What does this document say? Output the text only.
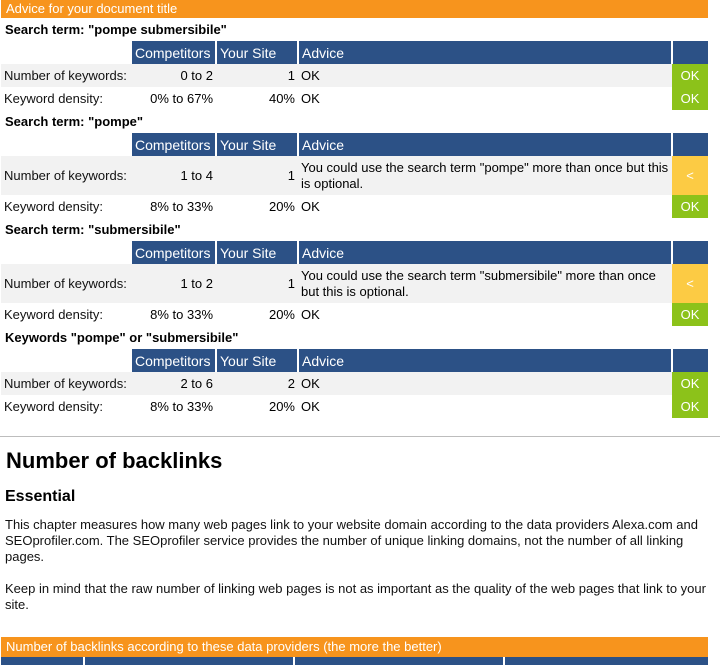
Advice for your document title
Search term: "pompe submersibile"
	Competitors	Your Site	Advice	
Number of keywords:	0 to 2	1	OK	OK
Keyword density:	0% to 67%	40%	OK	OK
Search term: "pompe"
	Competitors	Your Site	Advice	
Number of keywords:	1 to 4	1	You could use the search term "pompe" more than once but this is optional.	<
Keyword density:	8% to 33%	20%	OK	OK
Search term: "submersibile"
	Competitors	Your Site	Advice	
Number of keywords:	1 to 2	1	You could use the search term "submersibile" more than once but this is optional.	<
Keyword density:	8% to 33%	20%	OK	OK
Keywords "pompe" or "submersibile"
	Competitors	Your Site	Advice	
Number of keywords:	2 to 6	2	OK	OK
Keyword density:	8% to 33%	20%	OK	OK
Number of backlinks
Essential

This chapter measures how many web pages link to your website domain according to the data providers Alexa.com and SEOprofiler.com. The SEOprofiler service provides the number of unique linking domains, not the number of all linking pages.

Keep in mind that the raw number of linking web pages is not as important as the quality of the web pages that link to your site.

Number of backlinks according to these data providers (the more the better)
